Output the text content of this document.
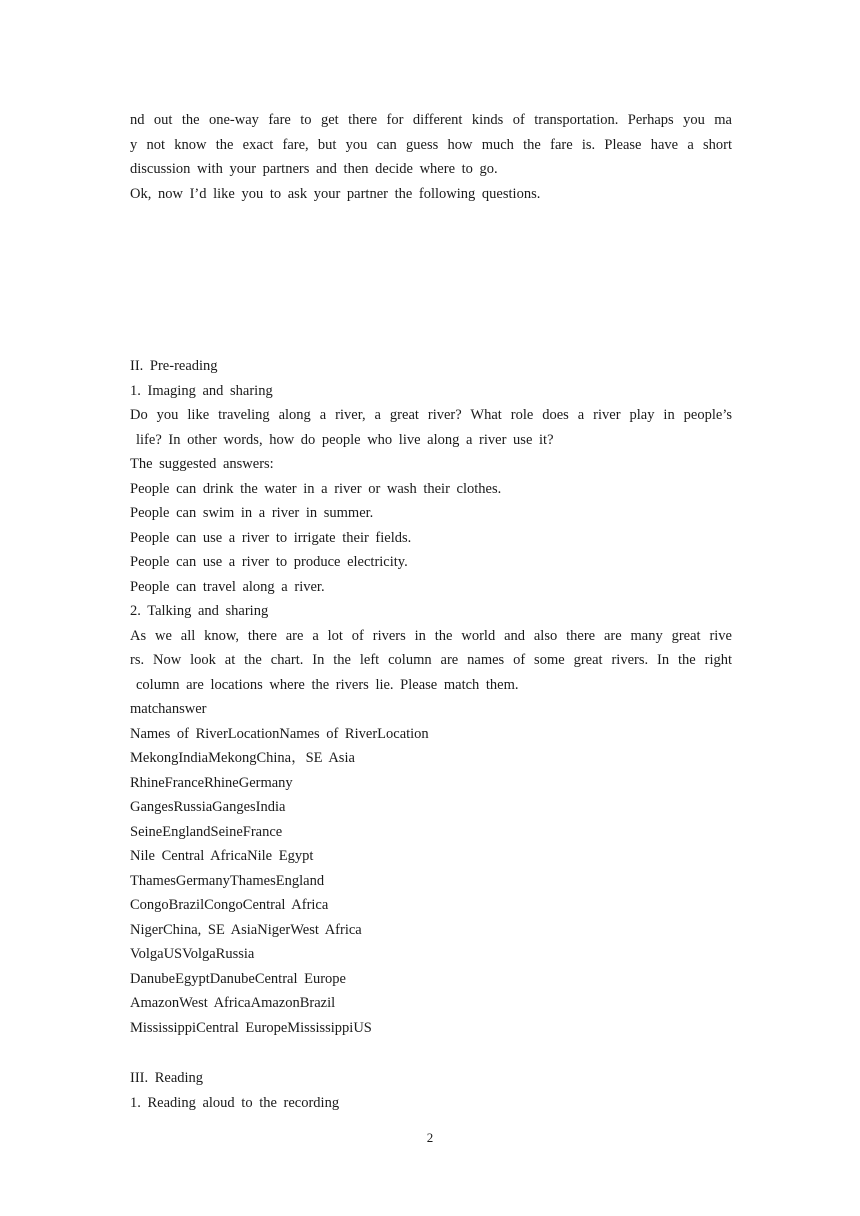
nd out the one-way fare to get there for different kinds of transportation. Perhaps you ma
y not know the exact fare, but you can guess how much the fare is. Please have a short
discussion with your partners and then decide where to go.
Ok, now I’d like you to ask your partner the following questions.
II. Pre-reading
1. Imaging and sharing
Do you like traveling along a river, a great river? What role does a river play in people’s
life? In other words, how do people who live along a river use it?
The suggested answers:
People can drink the water in a river or wash their clothes.
People can swim in a river in summer.
People can use a river to irrigate their fields.
People can use a river to produce electricity.
People can travel along a river.
2. Talking and sharing
As we all know, there are a lot of rivers in the world and also there are many great rive
rs. Now look at the chart. In the left column are names of some great rivers. In the right
column are locations where the rivers lie. Please match them.
matchanswer
Names of RiverLocationNames of RiverLocation
MekongIndiaMekongChina，SE Asia
RhineFranceRhineGermany
GangesRussiaGangesIndia
SeineEnglandSeineFrance
Nile Central AfricaNile Egypt
ThamesGermanyThamesEngland
CongoBrazilCongoCentral Africa
NigerChina, SE AsiaNigerWest Africa
VolgaUSVolgaRussia
DanubeEgyptDanubeCentral Europe
AmazonWest AfricaAmazonBrazil
MississippiCentral EuropeMississippiUS
III. Reading
1. Reading aloud to the recording
2
